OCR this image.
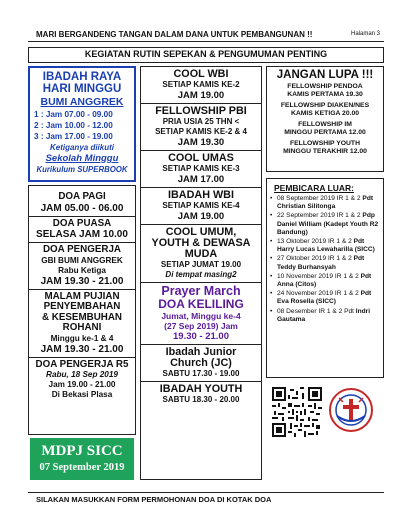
MARI BERGANDENG TANGAN DALAM DANA UNTUK PEMBANGUNAN !!	Halaman 3
KEGIATAN RUTIN SEPEKAN & PENGUMUMAN PENTING
IBADAH RAYA
HARI MINGGU
BUMI ANGGREK
1 : Jam 07.00 - 09.00
2 : Jam 10.00 - 12.00
3 : Jam 17.00 - 19.00
Ketiganya diikuti
Sekolah Minggu
Kurikulum SUPERBOOK
DOA PAGI
JAM 05.00 - 06.00
DOA PUASA
SELASA JAM 10.00
DOA PENGERJA
GBI BUMI ANGGREK
Rabu Ketiga
JAM 19.30 - 21.00
MALAM PUJIAN
PENYEMBAHAN
& KESEMBUHAN
ROHANI
Minggu ke-1 & 4
JAM 19.30 - 21.00
DOA PENGERJA R5
Rabu, 18 Sep 2019
Jam 19.00 - 21.00
Di Bekasi Plasa
MDPJ SICC
07 September 2019
COOL WBI
SETIAP KAMIS KE-2
JAM 19.00
FELLOWSHIP PBI
PRIA USIA 25 THN <
SETIAP KAMIS KE-2 & 4
JAM 19.30
COOL UMAS
SETIAP KAMIS KE-3
JAM 17.00
IBADAH WBI
SETIAP KAMIS KE-4
JAM 19.00
COOL UMUM,
YOUTH & DEWASA
MUDA
SETIAP JUMAT 19.00
Di tempat masing2
Prayer March
DOA KELILING
Jumat, Minggu ke-4
(27 Sep 2019) Jam
19.30 - 21.00
Ibadah Junior
Church (JC)
SABTU 17.30 - 19.00
IBADAH YOUTH
SABTU 18.30 - 20.00
JANGAN LUPA !!!
FELLOWSHIP PENDOA
KAMIS PERTAMA 19.30
FELLOWSHIP DIAKEN/NES
KAMIS KETIGA 20.00
FELLOWSHIP IM
MINGGU PERTAMA 12.00
FELLOWSHIP YOUTH
MINGGU TERAKHIR 12.00
PEMBICARA LUAR:
• 08 September 2019 IR 1 & 2 Pdt Christian Silitonga
• 22 September 2019 IR 1 & 2 Pdp Daniel William (Kadept Youth R2 Bandung)
• 13 Oktober 2019 IR 1 & 2 Pdt Harry Lucas Lewaharilla (SICC)
• 27 Oktober 2019 IR 1 & 2 Pdt Teddy Burhansyah
• 10 November 2019 IR 1 & 2 Pdt Anna (Citos)
• 24 November 2019 IR 1 & 2 Pdt Eva Rosella (SICC)
• 08 Desember IR 1 & 2 Pdt Indri Gautama
SILAKAN MASUKKAN FORM PERMOHONAN DOA DI KOTAK DOA
